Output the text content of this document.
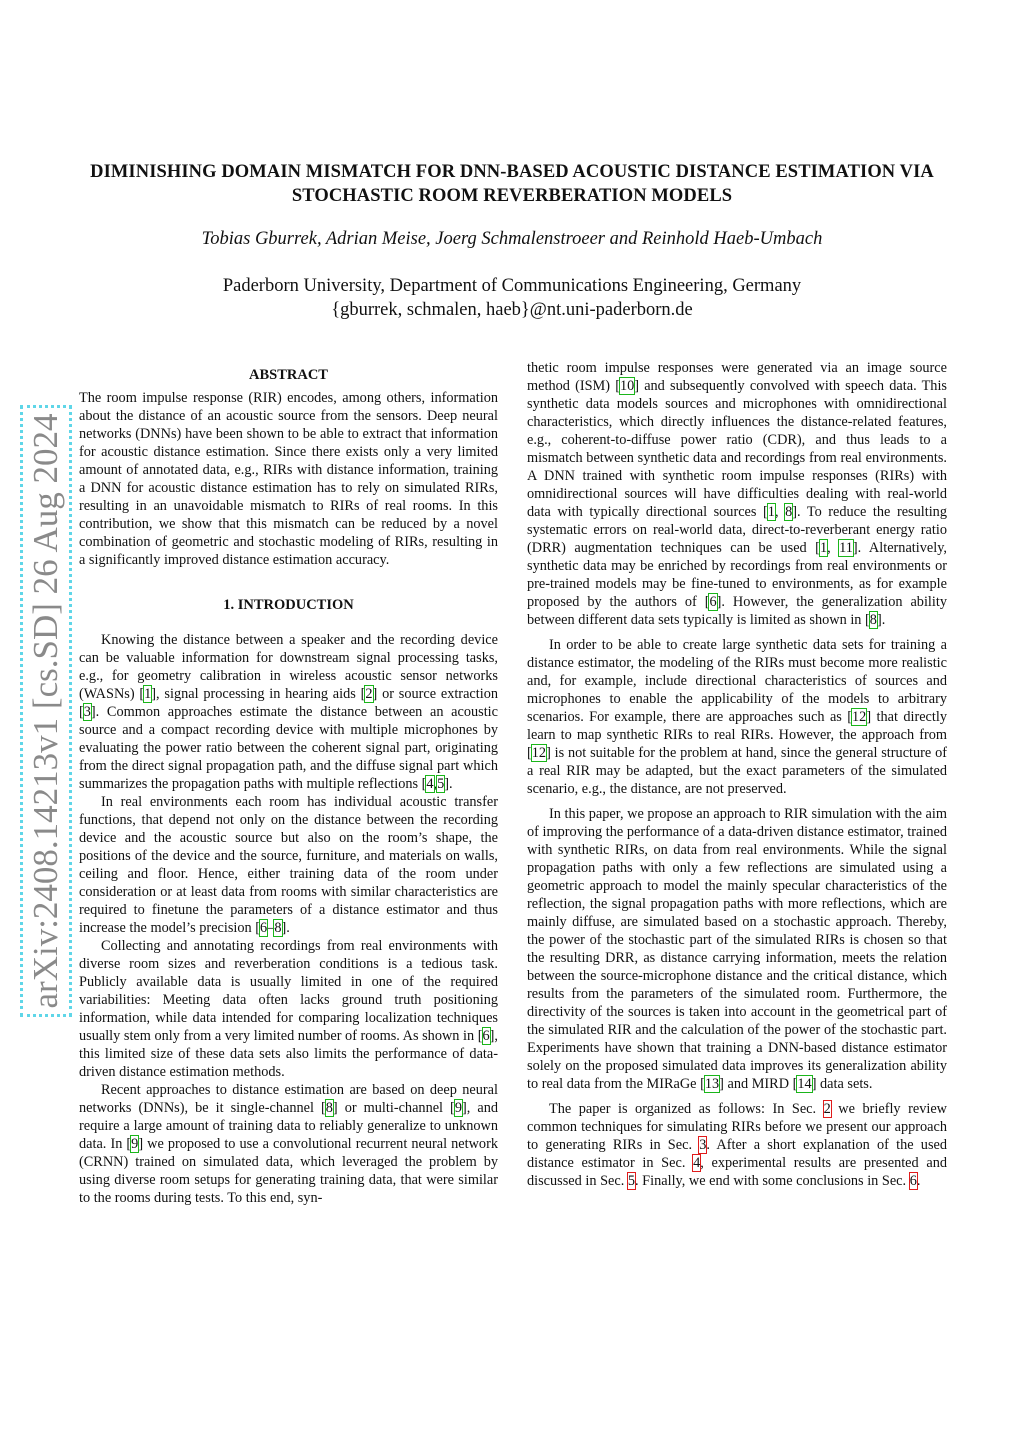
DIMINISHING DOMAIN MISMATCH FOR DNN-BASED ACOUSTIC DISTANCE ESTIMATION VIA STOCHASTIC ROOM REVERBERATION MODELS
Tobias Gburrek, Adrian Meise, Joerg Schmalenstroeer and Reinhold Haeb-Umbach
Paderborn University, Department of Communications Engineering, Germany
{gburrek, schmalen, haeb}@nt.uni-paderborn.de
arXiv:2408.14213v1 [cs.SD] 26 Aug 2024
ABSTRACT

The room impulse response (RIR) encodes, among others, information about the distance of an acoustic source from the sensors. Deep neural networks (DNNs) have been shown to be able to extract that information for acoustic distance estimation. Since there exists only a very limited amount of annotated data, e.g., RIRs with distance information, training a DNN for acoustic distance estimation has to rely on simulated RIRs, resulting in an unavoidable mismatch to RIRs of real rooms. In this contribution, we show that this mismatch can be reduced by a novel combination of geometric and stochastic modeling of RIRs, resulting in a significantly improved distance estimation accuracy.

1. INTRODUCTION

Knowing the distance between a speaker and the recording device can be valuable information for downstream signal processing tasks, e.g., for geometry calibration in wireless acoustic sensor networks (WASNs) [1], signal processing in hearing aids [2] or source extraction [3]. Common approaches estimate the distance between an acoustic source and a compact recording device with multiple microphones by evaluating the power ratio between the coherent signal part, originating from the direct signal propagation path, and the diffuse signal part which summarizes the propagation paths with multiple reflections [4,5].

In real environments each room has individual acoustic transfer functions, that depend not only on the distance between the recording device and the acoustic source but also on the room’s shape, the positions of the device and the source, furniture, and materials on walls, ceiling and floor. Hence, either training data of the room under consideration or at least data from rooms with similar characteristics are required to finetune the parameters of a distance estimator and thus increase the model’s precision [6–8].

Collecting and annotating recordings from real environments with diverse room sizes and reverberation conditions is a tedious task. Publicly available data is usually limited in one of the required variabilities: Meeting data often lacks ground truth positioning information, while data intended for comparing localization techniques usually stem only from a very limited number of rooms. As shown in [6], this limited size of these data sets also limits the performance of data-driven distance estimation methods.

Recent approaches to distance estimation are based on deep neural networks (DNNs), be it single-channel [8] or multi-channel [9], and require a large amount of training data to reliably generalize to unknown data. In [9] we proposed to use a convolutional recurrent neural network (CRNN) trained on simulated data, which leveraged the problem by using diverse room setups for generating training data, that were similar to the rooms during tests. To this end, syn-

thetic room impulse responses were generated via an image source method (ISM) [10] and subsequently convolved with speech data. This synthetic data models sources and microphones with omnidirectional characteristics, which directly influences the distance-related features, e.g., coherent-to-diffuse power ratio (CDR), and thus leads to a mismatch between synthetic data and recordings from real environments. A DNN trained with synthetic room impulse responses (RIRs) with omnidirectional sources will have difficulties dealing with real-world data with typically directional sources [1, 8]. To reduce the resulting systematic errors on real-world data, direct-to-reverberant energy ratio (DRR) augmentation techniques can be used [1, 11]. Alternatively, synthetic data may be enriched by recordings from real environments or pre-trained models may be fine-tuned to environments, as for example proposed by the authors of [6]. However, the generalization ability between different data sets typically is limited as shown in [8].

In order to be able to create large synthetic data sets for training a distance estimator, the modeling of the RIRs must become more realistic and, for example, include directional characteristics of sources and microphones to enable the applicability of the models to arbitrary scenarios. For example, there are approaches such as [12] that directly learn to map synthetic RIRs to real RIRs. However, the approach from [12] is not suitable for the problem at hand, since the general structure of a real RIR may be adapted, but the exact parameters of the simulated scenario, e.g., the distance, are not preserved.

In this paper, we propose an approach to RIR simulation with the aim of improving the performance of a data-driven distance estimator, trained with synthetic RIRs, on data from real environments. While the signal propagation paths with only a few reflections are simulated using a geometric approach to model the mainly specular characteristics of the reflection, the signal propagation paths with more reflections, which are mainly diffuse, are simulated based on a stochastic approach. Thereby, the power of the stochastic part of the simulated RIRs is chosen so that the resulting DRR, as distance carrying information, meets the relation between the source-microphone distance and the critical distance, which results from the parameters of the simulated room. Furthermore, the directivity of the sources is taken into account in the geometrical part of the simulated RIR and the calculation of the power of the stochastic part. Experiments have shown that training a DNN-based distance estimator solely on the proposed simulated data improves its generalization ability to real data from the MIRaGe [13] and MIRD [14] data sets.

The paper is organized as follows: In Sec. 2 we briefly review common techniques for simulating RIRs before we present our approach to generating RIRs in Sec. 3. After a short explanation of the used distance estimator in Sec. 4, experimental results are presented and discussed in Sec. 5. Finally, we end with some conclusions in Sec. 6.
